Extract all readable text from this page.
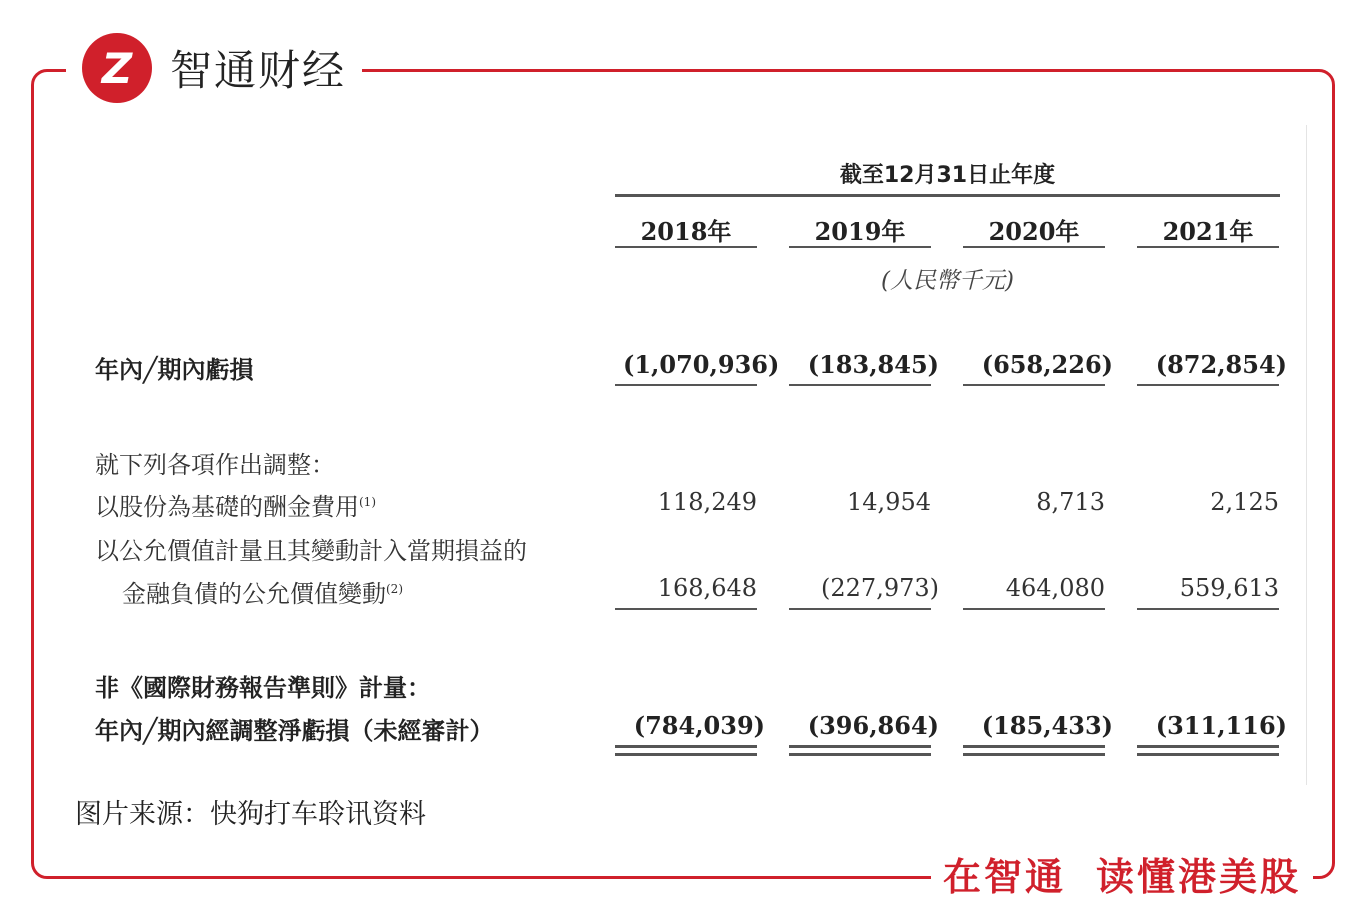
Z 智通财经
在智通 读懂港美股
截至12月31日止年度
2018年	2019年	2020年	2021年
(人民幣千元)
年內╱期內虧損	(1,070,936)	(183,845)	(658,226)	(872,854)
就下列各項作出調整：
以股份為基礎的酬金費用$^{(1)}$	118,249	14,954	8,713	2,125
以公允價值計量且其變動計入當期損益的
金融負債的公允價值變動$^{(2)}$	168,648	(227,973)	464,080	559,613
非《國際財務報告準則》計量：
年內╱期內經調整淨虧損（未經審計）	(784,039)	(396,864)	(185,433)	(311,116)
图片来源：快狗打车聆讯资料
